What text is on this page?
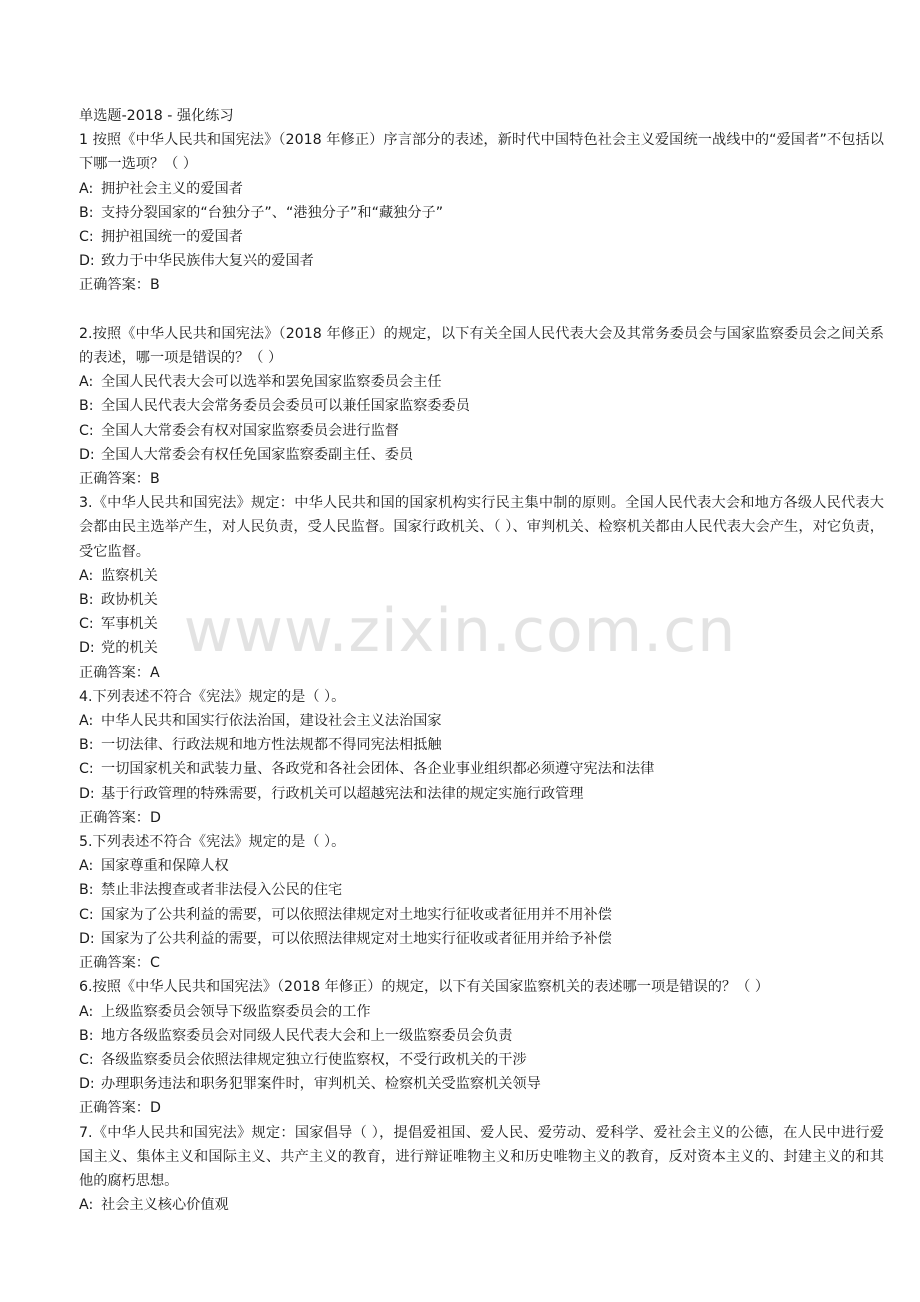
www.zixin.com.cn
单选题-2018 - 强化练习
1 按照《中华人民共和国宪法》（2018 年修正）序言部分的表述，新时代中国特色社会主义爱国统一战线中的“爱国者”不包括以下哪一选项？（ ）
A: 拥护社会主义的爱国者
B: 支持分裂国家的“台独分子”、“港独分子”和“藏独分子”
C: 拥护祖国统一的爱国者
D: 致力于中华民族伟大复兴的爱国者
正确答案：B
2.按照《中华人民共和国宪法》（2018 年修正）的规定，以下有关全国人民代表大会及其常务委员会与国家监察委员会之间关系的表述，哪一项是错误的？（ ）
A: 全国人民代表大会可以选举和罢免国家监察委员会主任
B: 全国人民代表大会常务委员会委员可以兼任国家监察委委员
C: 全国人大常委会有权对国家监察委员会进行监督
D: 全国人大常委会有权任免国家监察委副主任、委员
正确答案：B
3.《中华人民共和国宪法》规定：中华人民共和国的国家机构实行民主集中制的原则。全国人民代表大会和地方各级人民代表大会都由民主选举产生，对人民负责，受人民监督。国家行政机关、（ ）、审判机关、检察机关都由人民代表大会产生，对它负责，受它监督。
A: 监察机关
B: 政协机关
C: 军事机关
D: 党的机关
正确答案：A
4.下列表述不符合《宪法》规定的是（ ）。
A: 中华人民共和国实行依法治国，建设社会主义法治国家
B: 一切法律、行政法规和地方性法规都不得同宪法相抵触
C: 一切国家机关和武装力量、各政党和各社会团体、各企业事业组织都必须遵守宪法和法律
D: 基于行政管理的特殊需要，行政机关可以超越宪法和法律的规定实施行政管理
正确答案：D
5.下列表述不符合《宪法》规定的是（ ）。
A: 国家尊重和保障人权
B: 禁止非法搜查或者非法侵入公民的住宅
C: 国家为了公共利益的需要，可以依照法律规定对土地实行征收或者征用并不用补偿
D: 国家为了公共利益的需要，可以依照法律规定对土地实行征收或者征用并给予补偿
正确答案：C
6.按照《中华人民共和国宪法》（2018 年修正）的规定，以下有关国家监察机关的表述哪一项是错误的？（ ）
A: 上级监察委员会领导下级监察委员会的工作
B: 地方各级监察委员会对同级人民代表大会和上一级监察委员会负责
C: 各级监察委员会依照法律规定独立行使监察权，不受行政机关的干涉
D: 办理职务违法和职务犯罪案件时，审判机关、检察机关受监察机关领导
正确答案：D
7.《中华人民共和国宪法》规定：国家倡导（ ），提倡爱祖国、爱人民、爱劳动、爱科学、爱社会主义的公德，在人民中进行爱国主义、集体主义和国际主义、共产主义的教育，进行辩证唯物主义和历史唯物主义的教育，反对资本主义的、封建主义的和其他的腐朽思想。
A: 社会主义核心价值观
